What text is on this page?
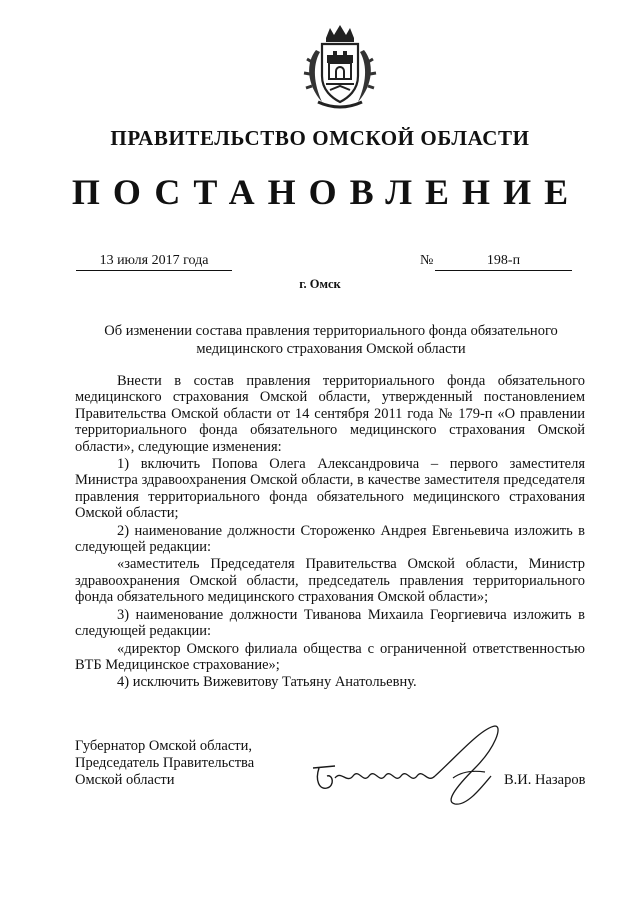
ПРАВИТЕЛЬСТВО ОМСКОЙ ОБЛАСТИ
ПОСТАНОВЛЕНИЕ
13 июля 2017 года	№	198-п
г. Омск
Об изменении состава правления территориального фонда обязательного медицинского страхования Омской области

Внести в состав правления территориального фонда обязательного медицинского страхования Омской области, утвержденный постановлением Правительства Омской области от 14 сентября 2011 года № 179-п «О правлении территориального фонда обязательного медицинского страхования Омской области», следующие изменения:

1) включить Попова Олега Александровича – первого заместителя Министра здравоохранения Омской области, в качестве заместителя председателя правления территориального фонда обязательного медицинского страхования Омской области;

2) наименование должности Стороженко Андрея Евгеньевича изложить в следующей редакции:

«заместитель Председателя Правительства Омской области, Министр здравоохранения Омской области, председатель правления территориального фонда обязательного медицинского страхования Омской области»;

3) наименование должности Тиванова Михаила Георгиевича изложить в следующей редакции:

«директор Омского филиала общества с ограниченной ответственностью ВТБ Медицинское страхование»;

4) исключить Вижевитову Татьяну Анатольевну.

Губернатор Омской области,
Председатель Правительства
Омской области	В.И. Назаров
